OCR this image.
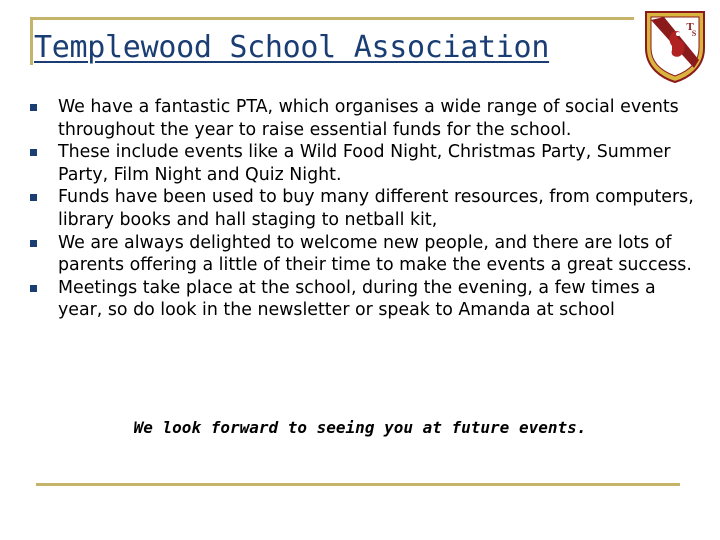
Templewood School Association
T
S
We have a fantastic PTA, which organises a wide range of social events throughout the year to raise essential funds for the school.
These include events like a Wild Food Night, Christmas Party, Summer Party, Film Night and Quiz Night.
Funds have been used to buy many different resources, from computers, library books and hall staging to netball kit,
We are always delighted to welcome new people, and there are lots of parents offering a little of their time to make the events a great success.
Meetings take place at the school, during the evening, a few times a year, so do look in the newsletter or speak to Amanda at school
We look forward to seeing you at future events.
